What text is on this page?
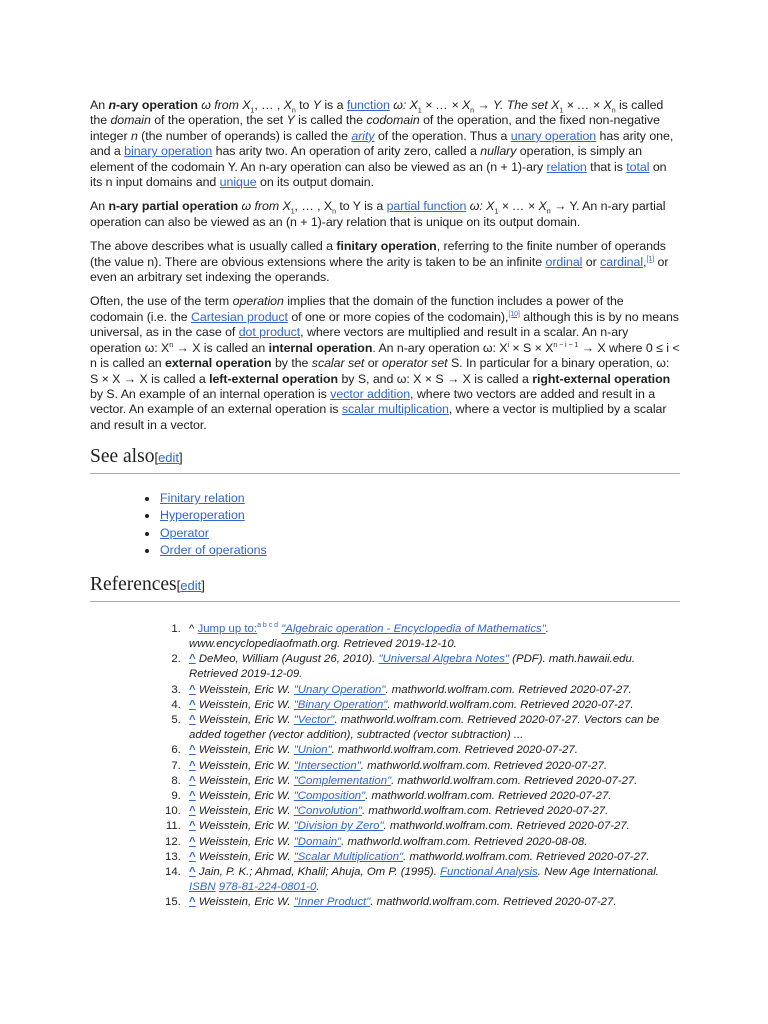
An n-ary operation ω from $X_1$, … , $X_n$ to Y is a function ω: $X_1$ × … × $X_n \to Y$. The set $X_1$ × … × $X_n$ is called the domain of the operation, the set Y is called the codomain of the operation, and the fixed non-negative integer n (the number of operands) is called the arity of the operation. Thus a unary operation has arity one, and a binary operation has arity two. An operation of arity zero, called a nullary operation, is simply an element of the codomain Y. An n-ary operation can also be viewed as an (n + 1)-ary relation that is total on its n input domains and unique on its output domain.

An n-ary partial operation ω from $X_1$, … , $X_n$ to Y is a partial function ω: $X_1$ × … × $X_n \to Y$. An n-ary partial operation can also be viewed as an (n + 1)-ary relation that is unique on its output domain.

The above describes what is usually called a finitary operation, referring to the finite number of operands (the value n). There are obvious extensions where the arity is taken to be an infinite ordinal or cardinal,[1] or even an arbitrary set indexing the operands.

Often, the use of the term operation implies that the domain of the function includes a power of the codomain (i.e. the Cartesian product of one or more copies of the codomain),[10] although this is by no means universal, as in the case of dot product, where vectors are multiplied and result in a scalar. An n-ary operation ω: $X^n \to X$ is called an internal operation. An n-ary operation ω: $X^i \times S \times X^{n - i - 1} \to X$ where 0 ≤ i < n is called an external operation by the scalar set or operator set S. In particular for a binary operation, ω: S × X → X is called a left-external operation by S, and ω: X × S → X is called a right-external operation by S. An example of an internal operation is vector addition, where two vectors are added and result in a vector. An example of an external operation is scalar multiplication, where a vector is multiplied by a scalar and result in a vector.

See also[edit]
• Finitary relation
• Hyperoperation
• Operator
• Order of operations
References[edit]
1. ^ Jump up to:$^{a b c d}$ "Algebraic operation - Encyclopedia of Mathematics". www.encyclopediaofmath.org. Retrieved 2019-12-10.
2. ^ DeMeo, William (August 26, 2010). "Universal Algebra Notes" (PDF). math.hawaii.edu. Retrieved 2019-12-09.
3. ^ Weisstein, Eric W. "Unary Operation". mathworld.wolfram.com. Retrieved 2020-07-27.
4. ^ Weisstein, Eric W. "Binary Operation". mathworld.wolfram.com. Retrieved 2020-07-27.
5. ^ Weisstein, Eric W. "Vector". mathworld.wolfram.com. Retrieved 2020-07-27. Vectors can be added together (vector addition), subtracted (vector subtraction) ...
6. ^ Weisstein, Eric W. "Union". mathworld.wolfram.com. Retrieved 2020-07-27.
7. ^ Weisstein, Eric W. "Intersection". mathworld.wolfram.com. Retrieved 2020-07-27.
8. ^ Weisstein, Eric W. "Complementation". mathworld.wolfram.com. Retrieved 2020-07-27.
9. ^ Weisstein, Eric W. "Composition". mathworld.wolfram.com. Retrieved 2020-07-27.
10. ^ Weisstein, Eric W. "Convolution". mathworld.wolfram.com. Retrieved 2020-07-27.
11. ^ Weisstein, Eric W. "Division by Zero". mathworld.wolfram.com. Retrieved 2020-07-27.
12. ^ Weisstein, Eric W. "Domain". mathworld.wolfram.com. Retrieved 2020-08-08.
13. ^ Weisstein, Eric W. "Scalar Multiplication". mathworld.wolfram.com. Retrieved 2020-07-27.
14. ^ Jain, P. K.; Ahmad, Khalil; Ahuja, Om P. (1995). Functional Analysis. New Age International. ISBN 978-81-224-0801-0.
15. ^ Weisstein, Eric W. "Inner Product". mathworld.wolfram.com. Retrieved 2020-07-27.
